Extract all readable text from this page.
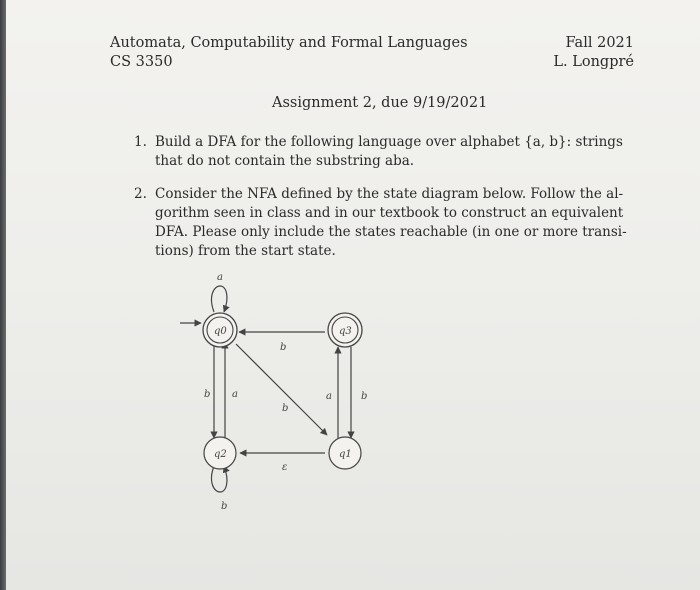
Automata, Computability and Formal Languages
CS 3350
Fall 2021
L. Longpré
Assignment 2, due 9/19/2021
1. Build a DFA for the following language over alphabet {a, b}: strings
that do not contain the substring aba.
2. Consider the NFA defined by the state diagram below. Follow the al-
gorithm seen in class and in our textbook to construct an equivalent
DFA. Please only include the states reachable (in one or more transi-
tions) from the start state.
a
b a
b
b
a	b
ε
b
q0	q3
q2	q1
